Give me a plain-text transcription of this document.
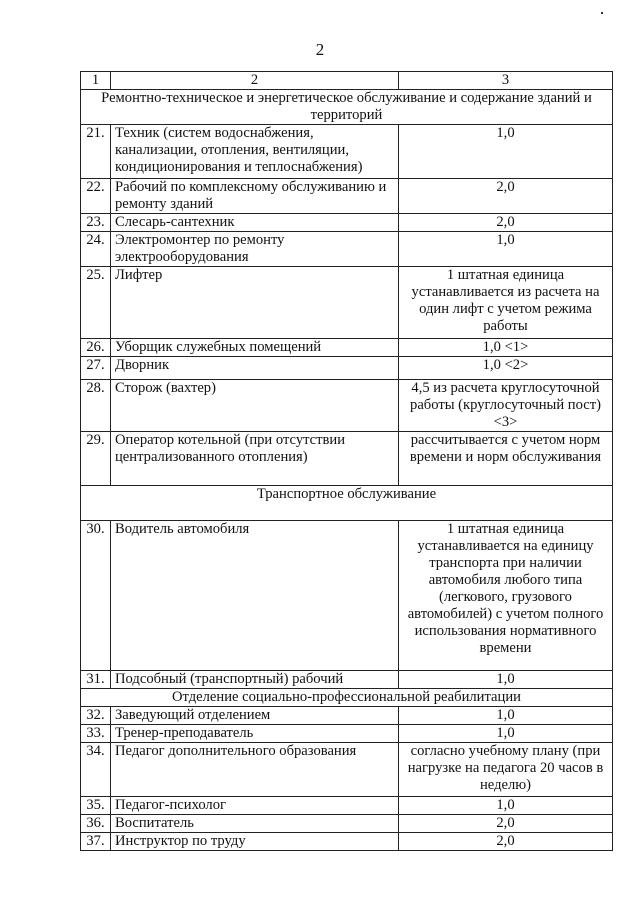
2
1	2	3
Ремонтно-техническое и энергетическое обслуживание и содержание зданий и территорий		
21.	Техник (систем водоснабжения, канализации, отопления, вентиляции, кондиционирования и теплоснабжения)	1,0
22.	Рабочий по комплексному обслуживанию и ремонту зданий	2,0
23.	Слесарь-сантехник	2,0
24.	Электромонтер по ремонту электрооборудования	1,0
25.	Лифтер	1 штатная единица устанавливается из расчета на один лифт с учетом режима работы
26.	Уборщик служебных помещений	1,0 <1>
27.	Дворник	1,0 <2>
28.	Сторож (вахтер)	4,5 из расчета круглосуточной работы (круглосуточный пост) <3>
29.	Оператор котельной (при отсутствии централизованного отопления)	рассчитывается с учетом норм времени и норм обслуживания
Транспортное обслуживание		
30.	Водитель автомобиля	1 штатная единица устанавливается на единицу транспорта при наличии автомобиля любого типа (легкового, грузового автомобилей) с учетом полного использования нормативного времени
31.	Подсобный (транспортный) рабочий	1,0
Отделение социально-профессиональной реабилитации		
32.	Заведующий отделением	1,0
33.	Тренер-преподаватель	1,0
34.	Педагог дополнительного образования	согласно учебному плану (при нагрузке на педагога 20 часов в неделю)
35.	Педагог-психолог	1,0
36.	Воспитатель	2,0
37.	Инструктор по труду	2,0
